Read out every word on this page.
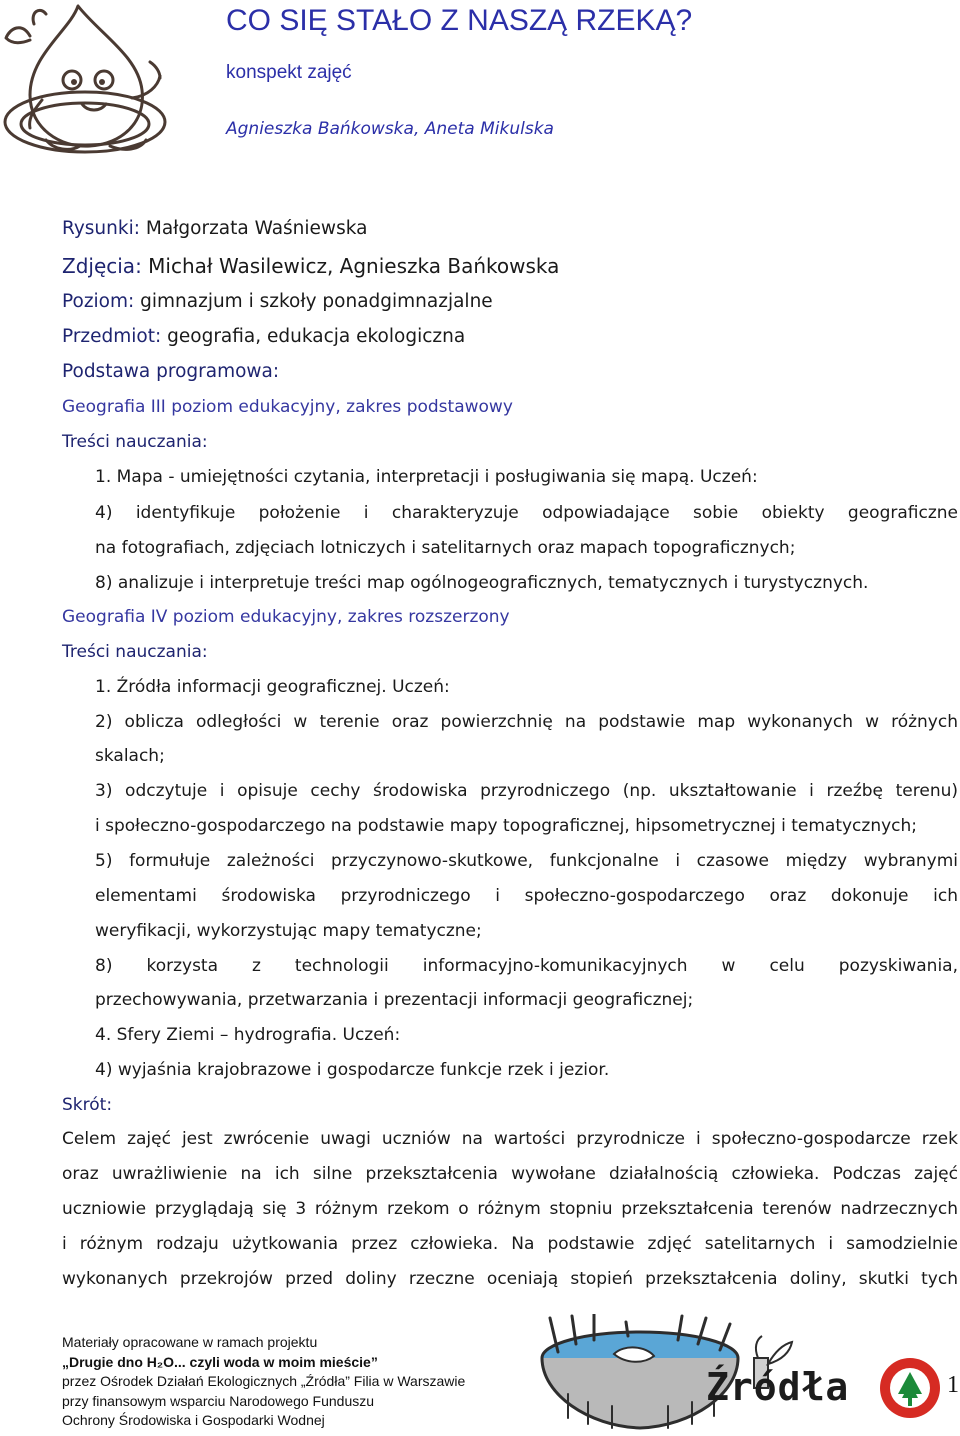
CO SIĘ STAŁO Z NASZĄ RZEKĄ?
konspekt zajęć
Agnieszka Bańkowska, Aneta Mikulska
Rysunki: Małgorzata Waśniewska
Zdjęcia: Michał Wasilewicz, Agnieszka Bańkowska
Poziom: gimnazjum i szkoły ponadgimnazjalne
Przedmiot: geografia, edukacja ekologiczna
Podstawa programowa:
Geografia III poziom edukacyjny, zakres podstawowy
Treści nauczania:
1. Mapa - umiejętności czytania, interpretacji i posługiwania się mapą. Uczeń:
4) identyfikuje położenie i charakteryzuje odpowiadające sobie obiekty geograficzne
na fotografiach, zdjęciach lotniczych i satelitarnych oraz mapach topograficznych;
8) analizuje i interpretuje treści map ogólnogeograficznych, tematycznych i turystycznych.
Geografia IV poziom edukacyjny, zakres rozszerzony
Treści nauczania:
1. Źródła informacji geograficznej. Uczeń:
2) oblicza odległości w terenie oraz powierzchnię na podstawie map wykonanych w różnych
skalach;
3) odczytuje i opisuje cechy środowiska przyrodniczego (np. ukształtowanie i rzeźbę terenu)
i społeczno-gospodarczego na podstawie mapy topograficznej, hipsometrycznej i tematycznych;
5) formułuje zależności przyczynowo-skutkowe, funkcjonalne i czasowe między wybranymi
elementami środowiska przyrodniczego i społeczno-gospodarczego oraz dokonuje ich
weryfikacji, wykorzystując mapy tematyczne;
8) korzysta z technologii informacyjno-komunikacyjnych w celu pozyskiwania,
przechowywania, przetwarzania i prezentacji informacji geograficznej;
4. Sfery Ziemi – hydrografia. Uczeń:
4) wyjaśnia krajobrazowe i gospodarcze funkcje rzek i jezior.
Skrót:
Celem zajęć jest zwrócenie uwagi uczniów na wartości przyrodnicze i społeczno-gospodarcze rzek
oraz uwrażliwienie na ich silne przekształcenia wywołane działalnością człowieka. Podczas zajęć
uczniowie przyglądają się 3 różnym rzekom o różnym stopniu przekształcenia terenów nadrzecznych
i różnym rodzaju użytkowania przez człowieka. Na podstawie zdjęć satelitarnych i samodzielnie
wykonanych przekrojów przed doliny rzeczne oceniają stopień przekształcenia doliny, skutki tych
Materiały opracowane w ramach projektu
„Drugie dno H₂O... czyli woda w moim mieście”
przez Ośrodek Działań Ekologicznych „Źródła” Filia w Warszawie
przy finansowym wsparciu Narodowego Funduszu
Ochrony Środowiska i Gospodarki Wodnej
Źródła	1
